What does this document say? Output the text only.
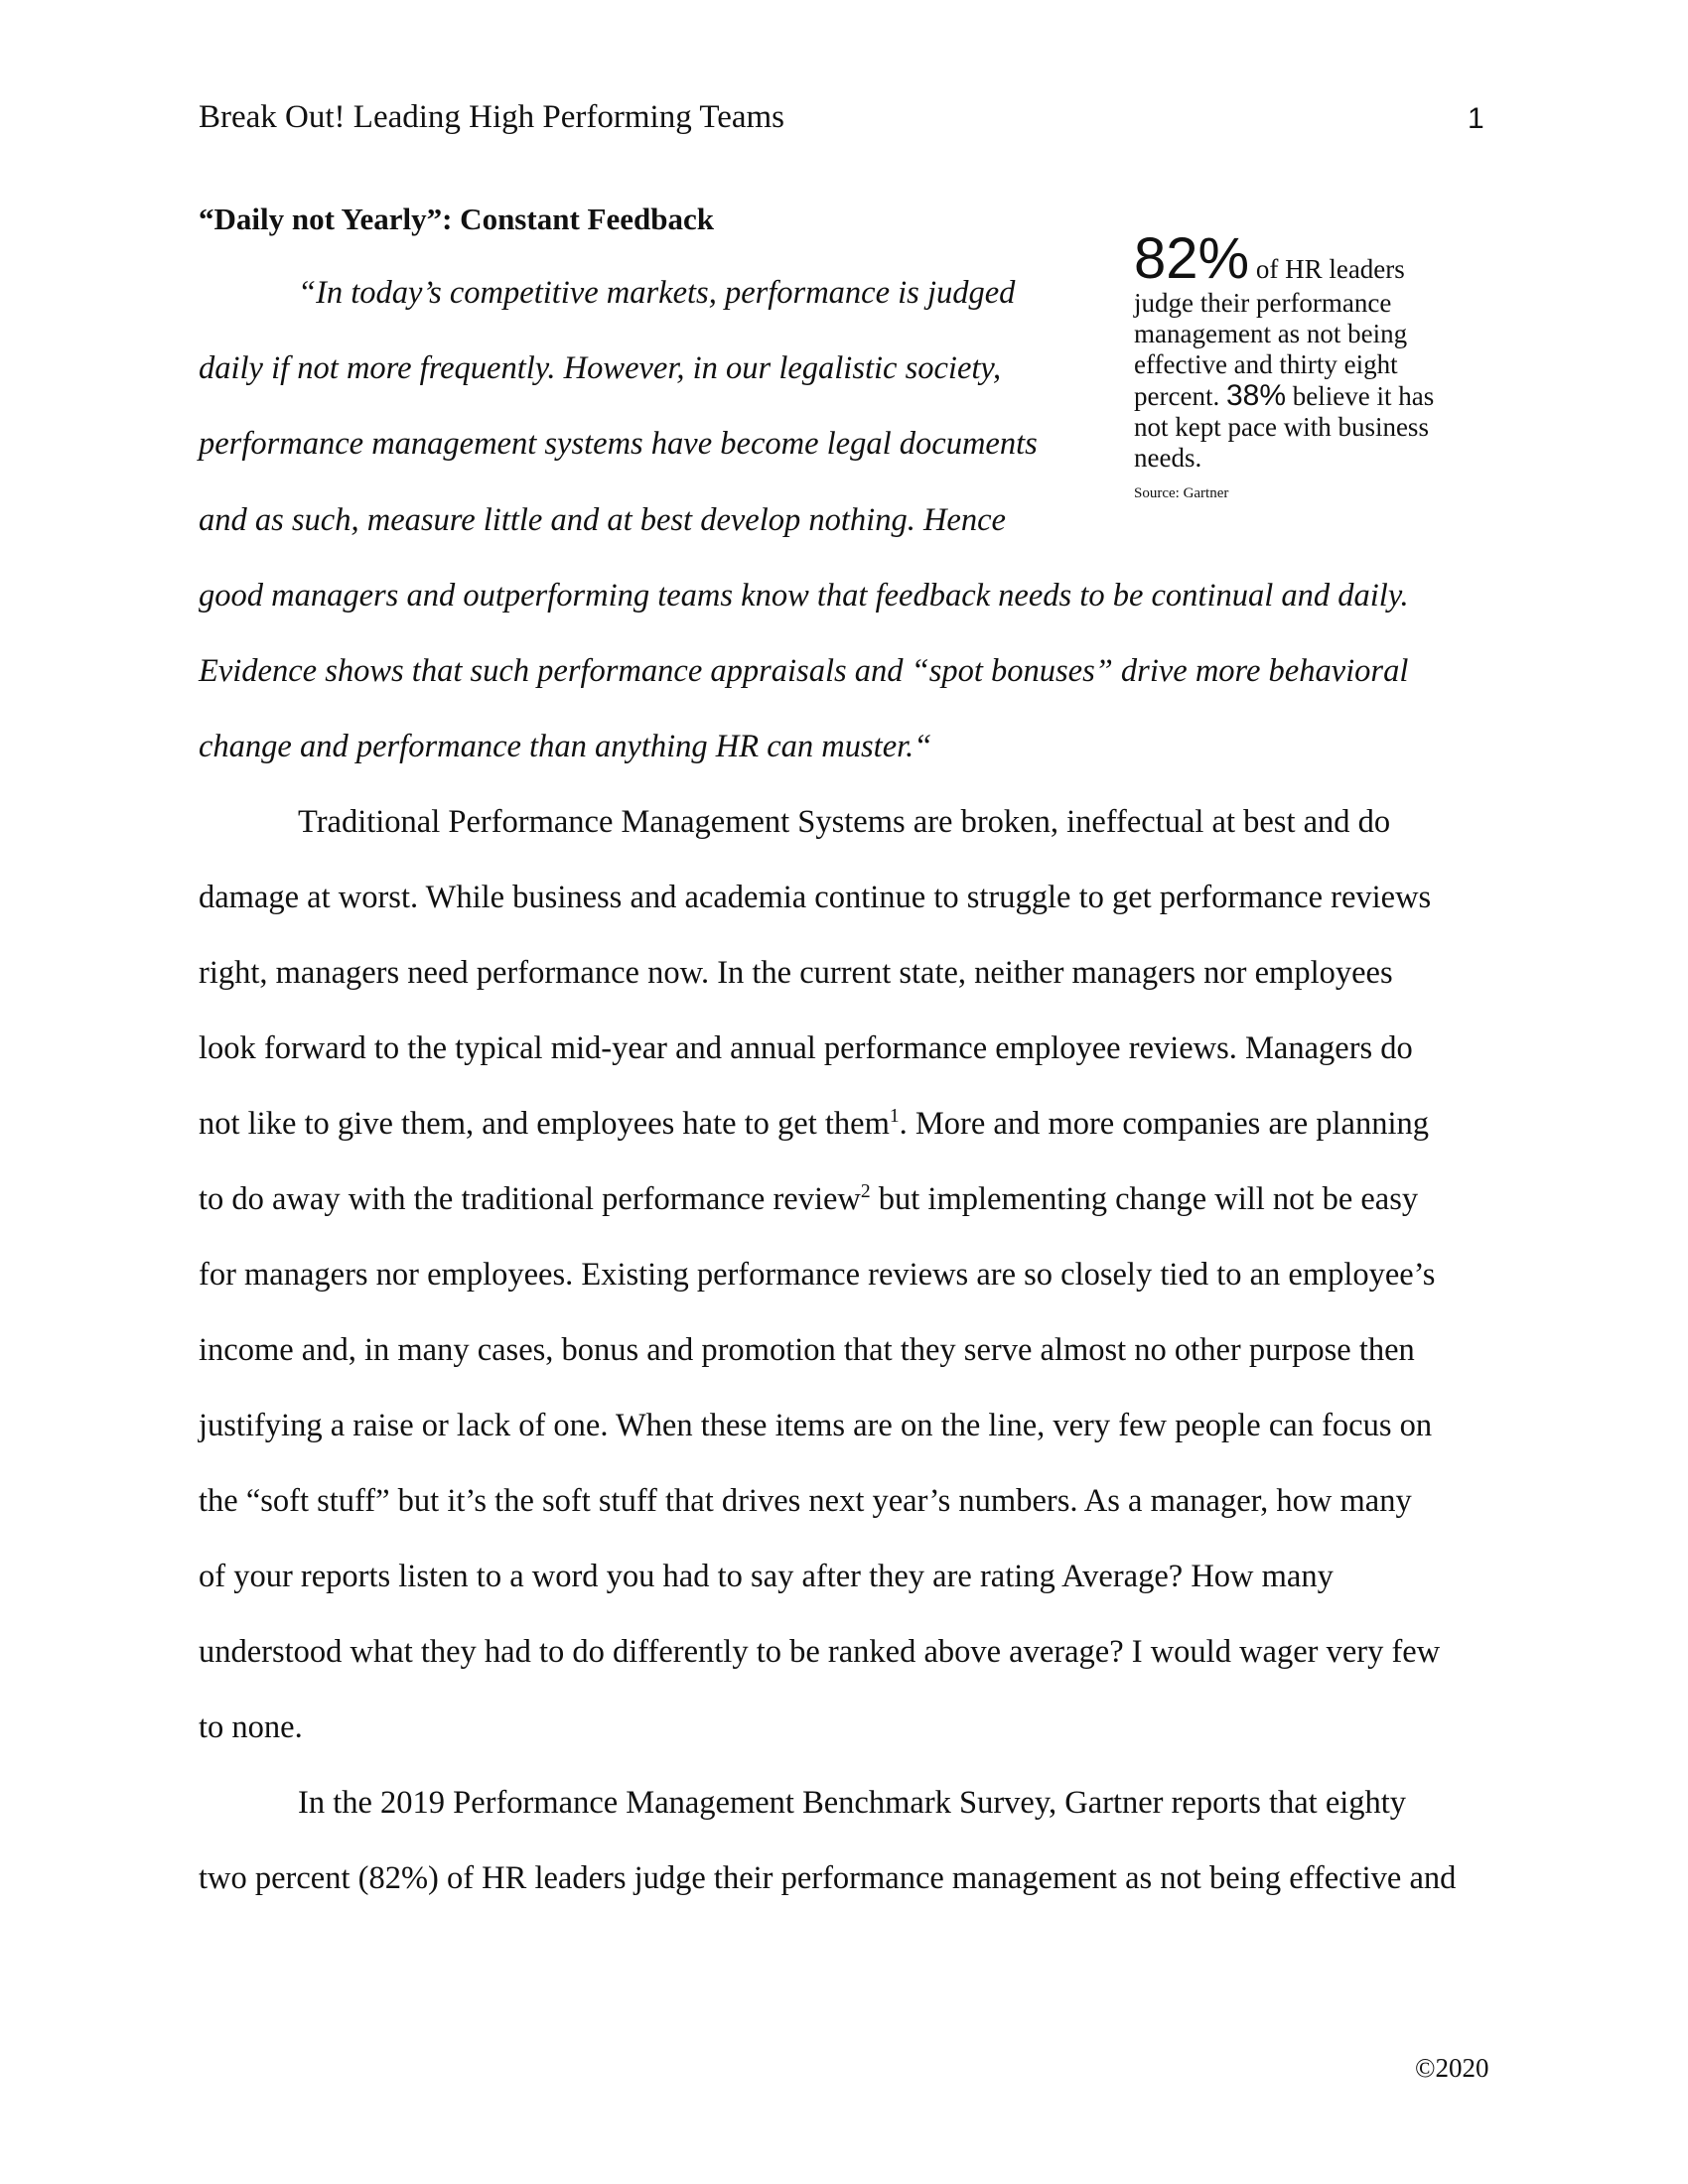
Break Out! Leading High Performing Teams	1
“Daily not Yearly”: Constant Feedback
“In today’s competitive markets, performance is judged
daily if not more frequently. However, in our legalistic society,
performance management systems have become legal documents
and as such, measure little and at best develop nothing. Hence
good managers and outperforming teams know that feedback needs to be continual and daily.
Evidence shows that such performance appraisals and “spot bonuses” drive more behavioral
change and performance than anything HR can muster.“
82% of HR leaders judge their performance management as not being effective and thirty eight percent. 38% believe it has not kept pace with business needs.
Source: Gartner
Traditional Performance Management Systems are broken, ineffectual at best and do
damage at worst. While business and academia continue to struggle to get performance reviews
right, managers need performance now. In the current state, neither managers nor employees
look forward to the typical mid-year and annual performance employee reviews. Managers do
not like to give them, and employees hate to get them$^1$. More and more companies are planning
to do away with the traditional performance review$^2$ but implementing change will not be easy
for managers nor employees. Existing performance reviews are so closely tied to an employee’s
income and, in many cases, bonus and promotion that they serve almost no other purpose then
justifying a raise or lack of one. When these items are on the line, very few people can focus on
the “soft stuff” but it’s the soft stuff that drives next year’s numbers. As a manager, how many
of your reports listen to a word you had to say after they are rating Average? How many
understood what they had to do differently to be ranked above average? I would wager very few
to none.
In the 2019 Performance Management Benchmark Survey, Gartner reports that eighty
two percent (82%) of HR leaders judge their performance management as not being effective and
©2020
